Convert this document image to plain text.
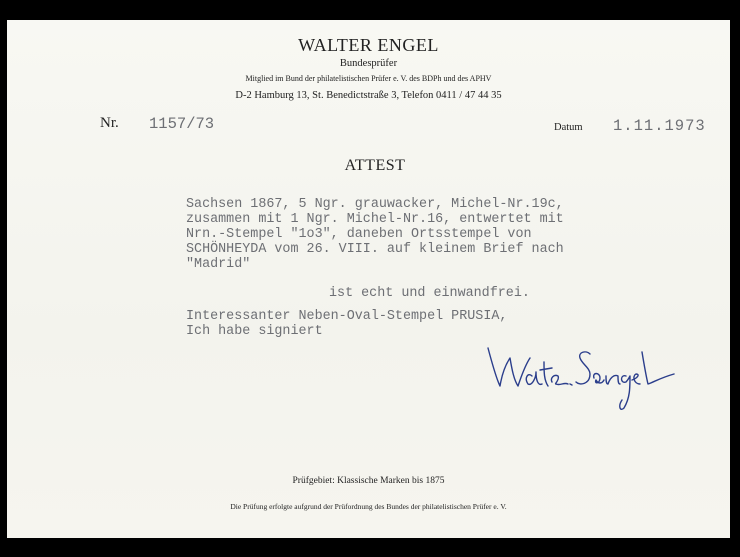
WALTER ENGEL
Bundesprüfer
Mitglied im Bund der philatelistischen Prüfer e. V. des BDPh und des APHV
D-2 Hamburg 13, St. Benedictstraße 3, Telefon 0411 / 47 44 35
Nr. 1157/73	Datum 1.11.1973
ATTEST
Sachsen 1867, 5 Ngr. grauwacker, Michel-Nr.19c,
zusammen mit 1 Ngr. Michel-Nr.16, entwertet mit
Nrn.-Stempel "1o3", daneben Ortsstempel von
SCHÖNHEYDA vom 26. VIII. auf kleinem Brief nach
"Madrid"
ist echt und einwandfrei.
Interessanter Neben-Oval-Stempel PRUSIA,
Ich habe signiert
Prüfgebiet: Klassische Marken bis 1875
Die Prüfung erfolgte aufgrund der Prüfordnung des Bundes der philatelistischen Prüfer e. V.
